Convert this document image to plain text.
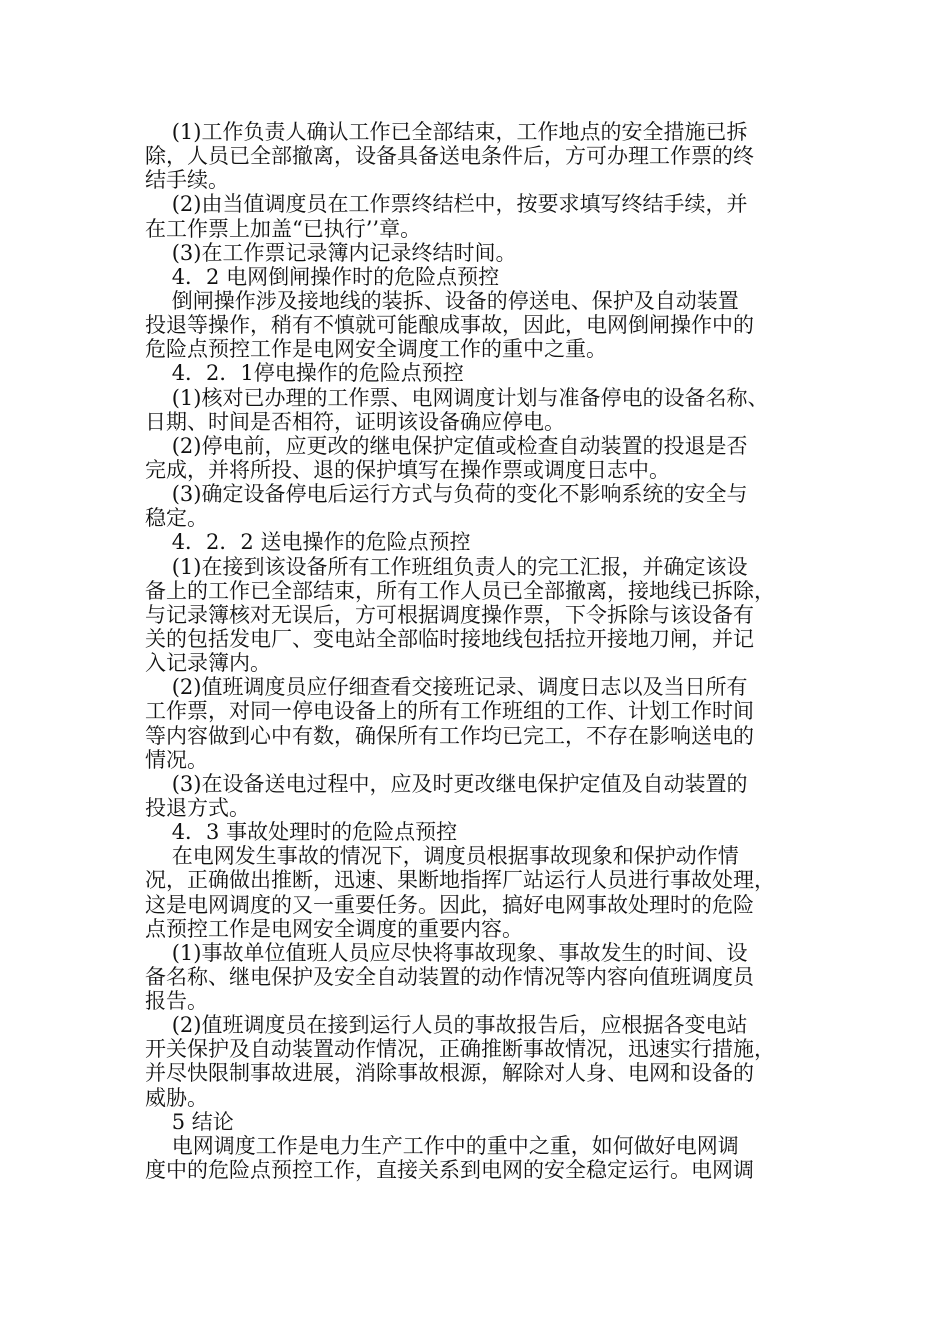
(1)工作负责人确认工作已全部结束，工作地点的安全措施已拆
除，人员已全部撤离，设备具备送电条件后，方可办理工作票的终
结手续。
(2)由当值调度员在工作票终结栏中，按要求填写终结手续，并
在工作票上加盖“已执行’’章。
(3)在工作票记录簿内记录终结时间。
4．2 电网倒闸操作时的危险点预控
倒闸操作涉及接地线的装拆、设备的停送电、保护及自动装置
投退等操作，稍有不慎就可能酿成事故，因此，电网倒闸操作中的
危险点预控工作是电网安全调度工作的重中之重。
4．2．1停电操作的危险点预控
(1)核对已办理的工作票、电网调度计划与准备停电的设备名称、
日期、时间是否相符，证明该设备确应停电。
(2)停电前，应更改的继电保护定值或检查自动装置的投退是否
完成，并将所投、退的保护填写在操作票或调度日志中。
(3)确定设备停电后运行方式与负荷的变化不影响系统的安全与
稳定。
4．2．2 送电操作的危险点预控
(1)在接到该设备所有工作班组负责人的完工汇报，并确定该设
备上的工作已全部结束，所有工作人员已全部撤离，接地线已拆除，
与记录簿核对无误后，方可根据调度操作票，下令拆除与该设备有
关的包括发电厂、变电站全部临时接地线包括拉开接地刀闸，并记
入记录簿内。
(2)值班调度员应仔细查看交接班记录、调度日志以及当日所有
工作票，对同一停电设备上的所有工作班组的工作、计划工作时间
等内容做到心中有数，确保所有工作均已完工，不存在影响送电的
情况。
(3)在设备送电过程中，应及时更改继电保护定值及自动装置的
投退方式。
4．3 事故处理时的危险点预控
在电网发生事故的情况下，调度员根据事故现象和保护动作情
况，正确做出推断，迅速、果断地指挥厂站运行人员进行事故处理，
这是电网调度的又一重要任务。因此，搞好电网事故处理时的危险
点预控工作是电网安全调度的重要内容。
(1)事故单位值班人员应尽快将事故现象、事故发生的时间、设
备名称、继电保护及安全自动装置的动作情况等内容向值班调度员
报告。
(2)值班调度员在接到运行人员的事故报告后，应根据各变电站
开关保护及自动装置动作情况，正确推断事故情况，迅速实行措施，
并尽快限制事故进展，消除事故根源，解除对人身、电网和设备的
威胁。
5 结论
电网调度工作是电力生产工作中的重中之重，如何做好电网调
度中的危险点预控工作，直接关系到电网的安全稳定运行。电网调
